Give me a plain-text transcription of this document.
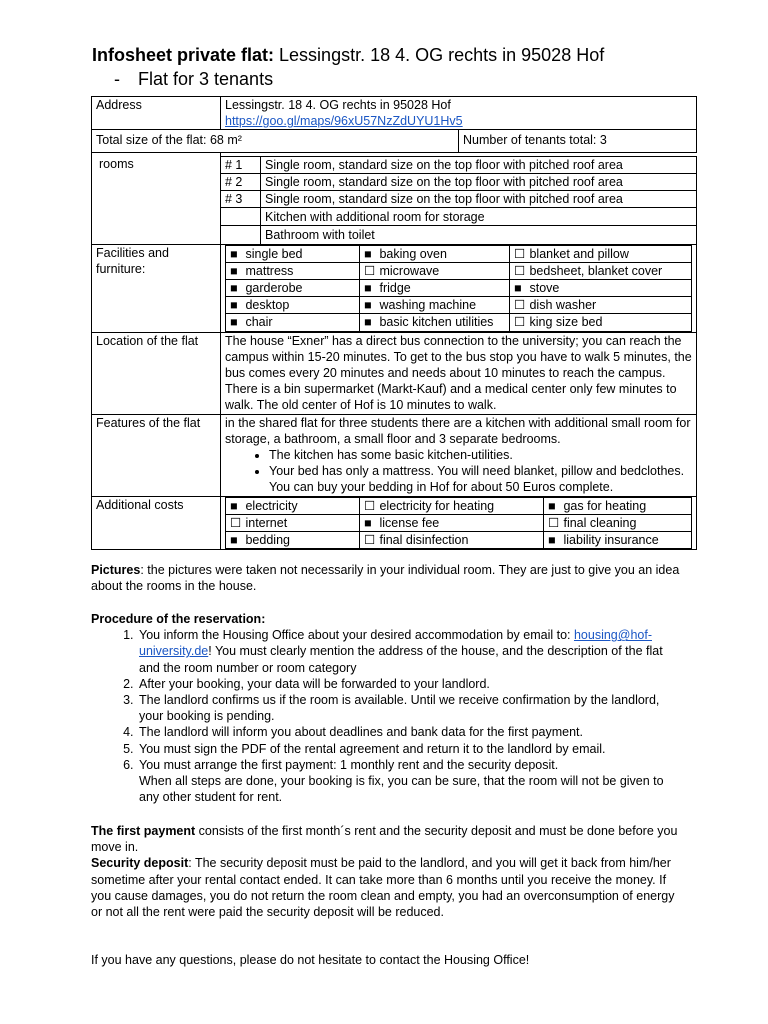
Infosheet private flat: Lessingstr. 18 4. OG rechts in 95028 Hof
- Flat for 3 tenants
Address	Lessingstr. 18 4. OG rechts in 95028 Hof
https://goo.gl/maps/96xU57NzZdUYU1Hv5
Total size of the flat: 68 m²	Number of tenants total: 3

rooms	# 1	Single room, standard size on the top floor with pitched roof area
# 2	Single room, standard size on the top floor with pitched roof area
# 3	Single room, standard size on the top floor with pitched roof area
	Kitchen with additional room for storage
	Bathroom with toilet
Facilities and furniture:	
■ single bed	■ baking oven	☐ blanket and pillow
■ mattress	☐ microwave	☐ bedsheet, blanket cover
■ garderobe	■ fridge	■ stove
■ desktop	■ washing machine	☐ dish washer
■ chair	■ basic kitchen utilities	☐ king size bed

Location of the flat	The house “Exner” has a direct bus connection to the university; you can reach the campus within 15-20 minutes. To get to the bus stop you have to walk 5 minutes, the bus comes every 20 minutes and needs about 10 minutes to reach the campus. There is a bin supermarket (Markt-Kauf) and a medical center only few minutes to walk. The old center of Hof is 10 minutes to walk.
Features of the flat	in the shared flat for three students there are a kitchen with additional small room for storage, a bathroom, a small floor and 3 separate bedrooms.
• The kitchen has some basic kitchen-utilities.
• Your bed has only a mattress. You will need blanket, pillow and bedclothes. You can buy your bedding in Hof for about 50 Euros complete.

Additional costs		■ electricity	☐ electricity for heating	■ gas for heating
☐ internet	■ license fee	☐ final cleaning
■ bedding	☐ final disinfection	■ liability insurance
Pictures: the pictures were taken not necessarily in your individual room. They are just to give you an idea about the rooms in the house.
Procedure of the reservation:
1. You inform the Housing Office about your desired accommodation by email to: housing@hof-university.de! You must clearly mention the address of the house, and the description of the flat and the room number or room category
2. After your booking, your data will be forwarded to your landlord.
3. The landlord confirms us if the room is available. Until we receive confirmation by the landlord, your booking is pending.
4. The landlord will inform you about deadlines and bank data for the first payment.
5. You must sign the PDF of the rental agreement and return it to the landlord by email.
6. You must arrange the first payment: 1 monthly rent and the security deposit.
When all steps are done, your booking is fix, you can be sure, that the room will not be given to any other student for rent.
The first payment consists of the first month´s rent and the security deposit and must be done before you move in.
Security deposit: The security deposit must be paid to the landlord, and you will get it back from him/her sometime after your rental contact ended. It can take more than 6 months until you receive the money. If you cause damages, you do not return the room clean and empty, you had an overconsumption of energy or not all the rent were paid the security deposit will be reduced.
If you have any questions, please do not hesitate to contact the Housing Office!
